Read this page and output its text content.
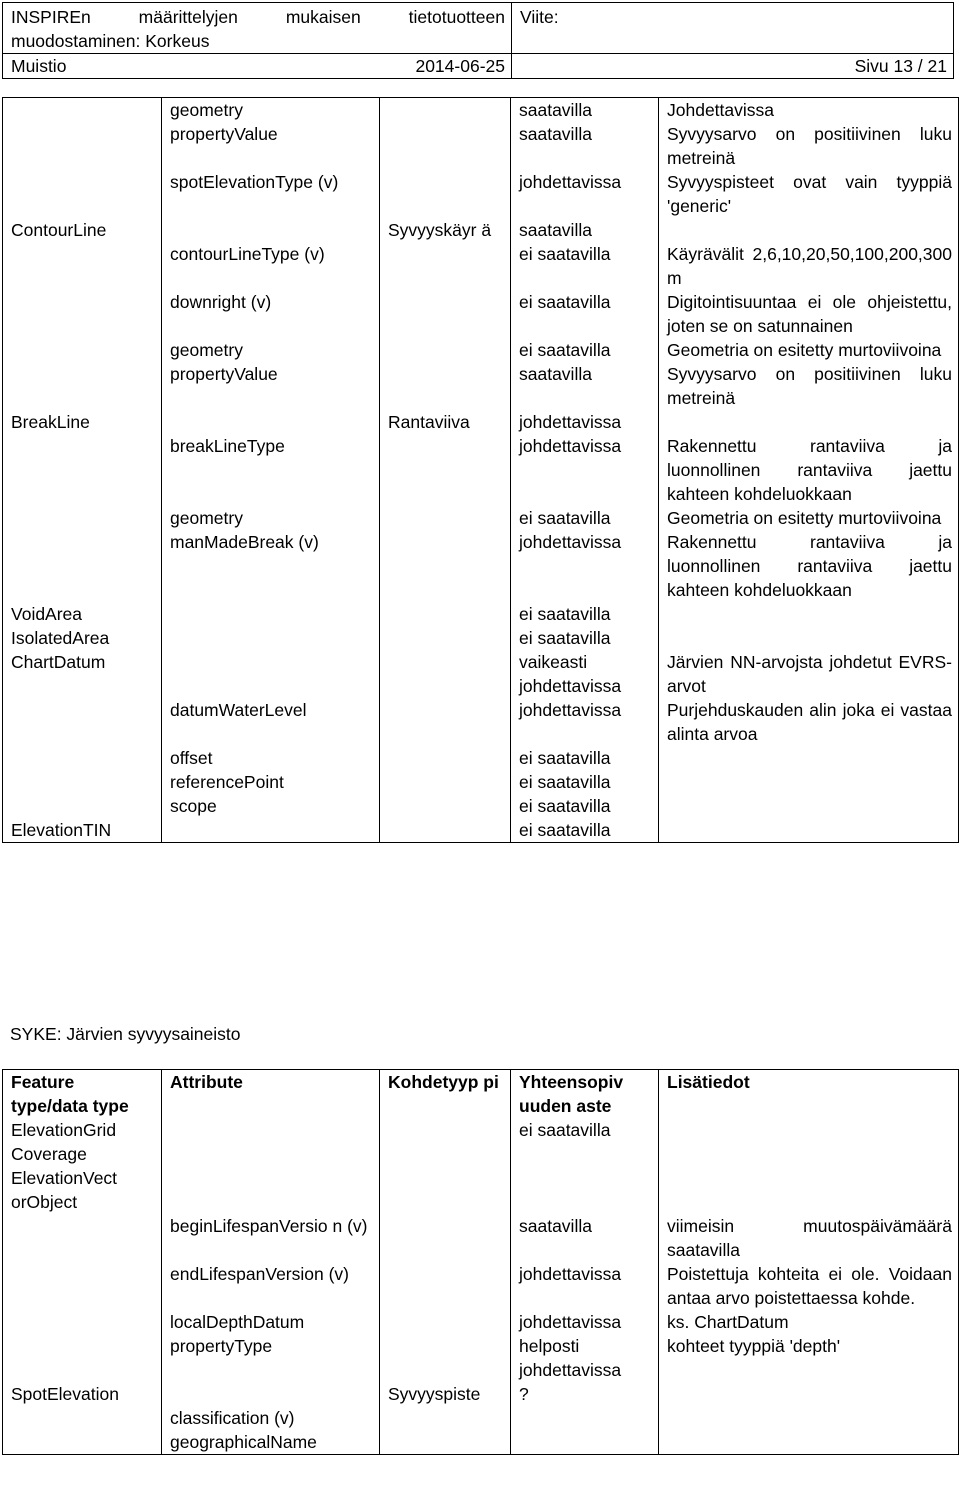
INSPIREn määrittelyjen mukaisen tietotuotteen
muodostaminen: Korkeus	Viite:

Muistio 2014-06-25	Sivu 13 / 21
	geometry		saatavilla	Johdettavissa
	propertyValue		saatavilla	Syvyysarvo on positiivinen luku metreinä
	spotElevationType (v)		johdettavissa	Syvyyspisteet ovat vain tyyppiä 'generic'
ContourLine		Syvyyskäyr ä	saatavilla	
	contourLineType (v)		ei saatavilla	Käyrävälit 2,6,10,20,50,100,200,300 m
	downright (v)		ei saatavilla	Digitointisuuntaa ei ole ohjeistettu, joten se on satunnainen
	geometry		ei saatavilla	Geometria on esitetty murtoviivoina
	propertyValue		saatavilla	Syvyysarvo on positiivinen luku metreinä
BreakLine		Rantaviiva	johdettavissa	
	breakLineType		johdettavissa	Rakennettu rantaviiva ja luonnollinen rantaviiva jaettu kahteen kohdeluokkaan
	geometry		ei saatavilla	Geometria on esitetty murtoviivoina
	manMadeBreak (v)		johdettavissa	Rakennettu rantaviiva ja luonnollinen rantaviiva jaettu kahteen kohdeluokkaan
VoidArea			ei saatavilla	
IsolatedArea			ei saatavilla	
ChartDatum			vaikeasti johdettavissa	Järvien NN-arvojsta johdetut EVRS-arvot
	datumWaterLevel		johdettavissa	Purjehduskauden alin joka ei vastaa alinta arvoa
	offset		ei saatavilla	
	referencePoint		ei saatavilla	
	scope		ei saatavilla	
ElevationTIN			ei saatavilla	
SYKE: Järvien syvyysaineisto
Feature type/data type	Attribute	Kohdetyyp pi	Yhteensopiv uuden aste	Lisätiedot
ElevationGrid Coverage			ei saatavilla	
ElevationVect orObject				
	beginLifespanVersio n (v)		saatavilla	viimeisin muutospäivämäärä saatavilla
	endLifespanVersion (v)		johdettavissa	Poistettuja kohteita ei ole. Voidaan antaa arvo poistettaessa kohde.
	localDepthDatum		johdettavissa	ks. ChartDatum
	propertyType		helposti johdettavissa	kohteet tyyppiä 'depth'
SpotElevation		Syvyyspiste	?	
	classification (v)			
	geographicalName			
